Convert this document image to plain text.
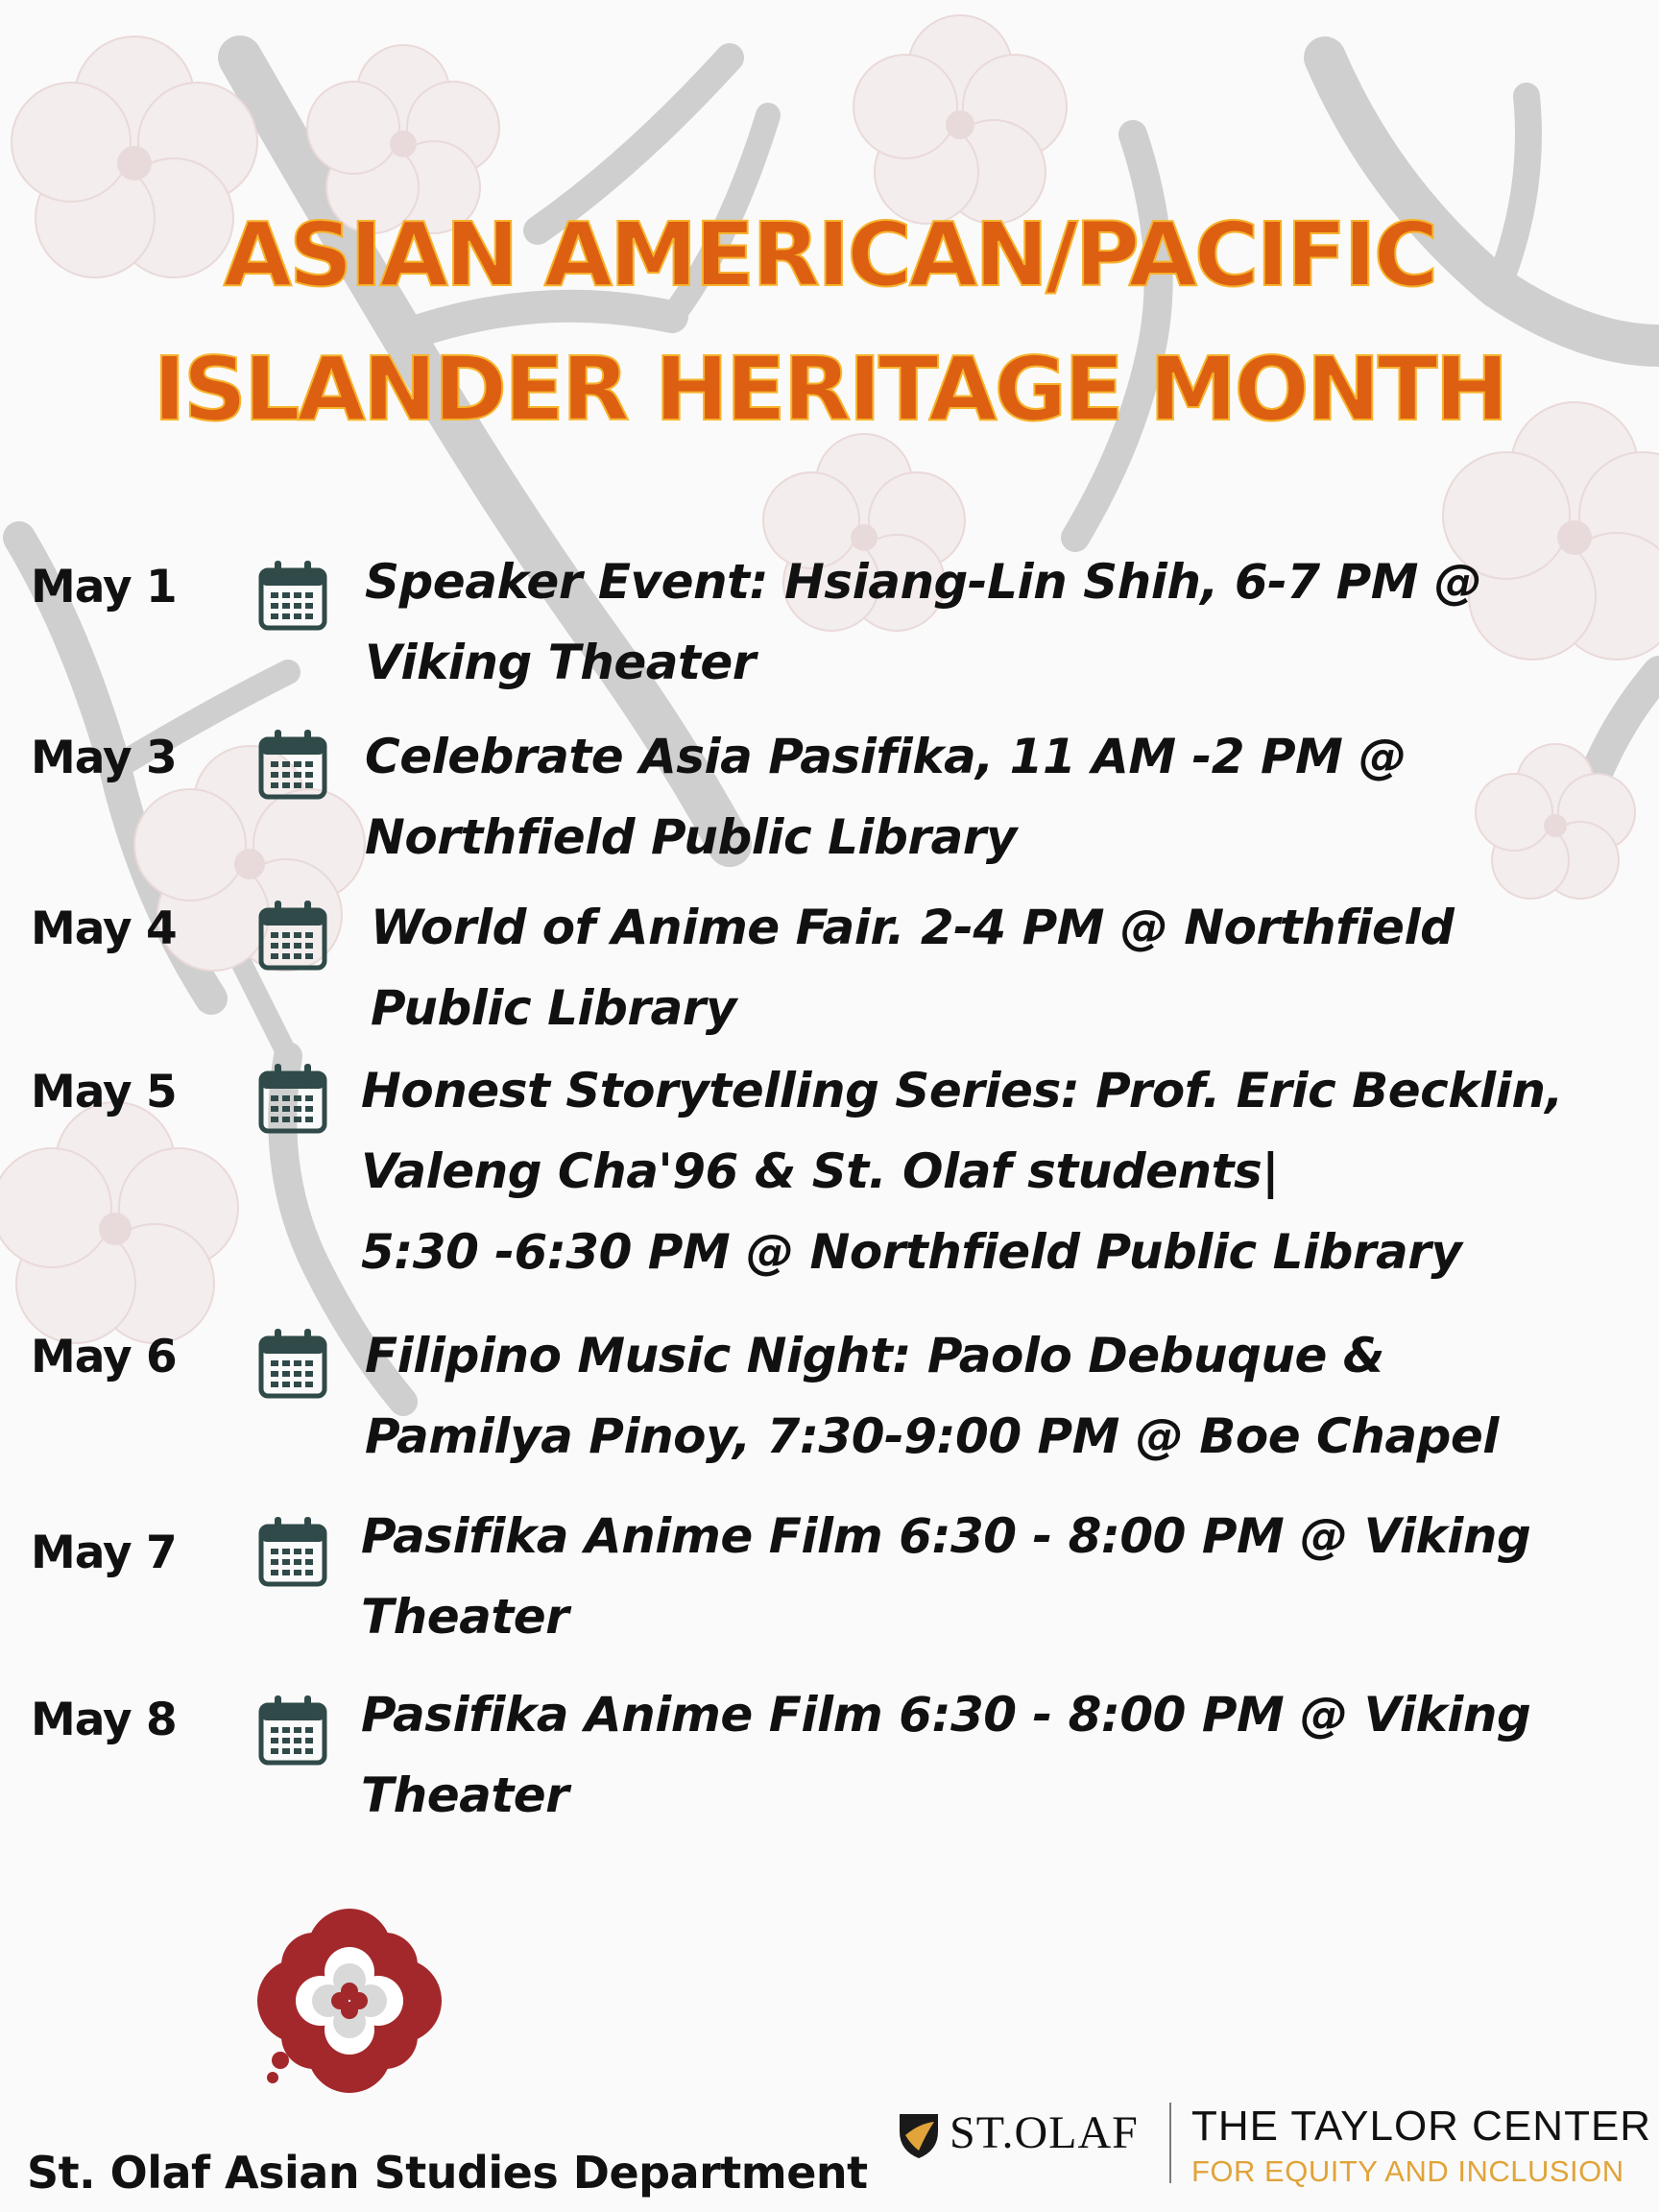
ASIAN AMERICAN/PACIFIC
ISLANDER HERITAGE MONTH
May 1	Speaker Event: Hsiang-Lin Shih, 6-7 PM @
Viking Theater
May 3	Celebrate Asia Pasifika, 11 AM -2 PM @
Northfield Public Library
May 4	World of Anime Fair. 2-4 PM @ Northfield
Public Library
May 5	Honest Storytelling Series: Prof. Eric Becklin,
Valeng Cha'96 & St. Olaf students|
5:30 -6:30 PM @ Northfield Public Library
May 6	Filipino Music Night: Paolo Debuque &
Pamilya Pinoy, 7:30-9:00 PM @ Boe Chapel
May 7	Pasifika Anime Film 6:30 - 8:00 PM @ Viking
Theater
May 8	Pasifika Anime Film 6:30 - 8:00 PM @ Viking
Theater
St. Olaf Asian Studies Department
ST.OLAF THE TAYLOR CENTER
FOR EQUITY AND INCLUSION
